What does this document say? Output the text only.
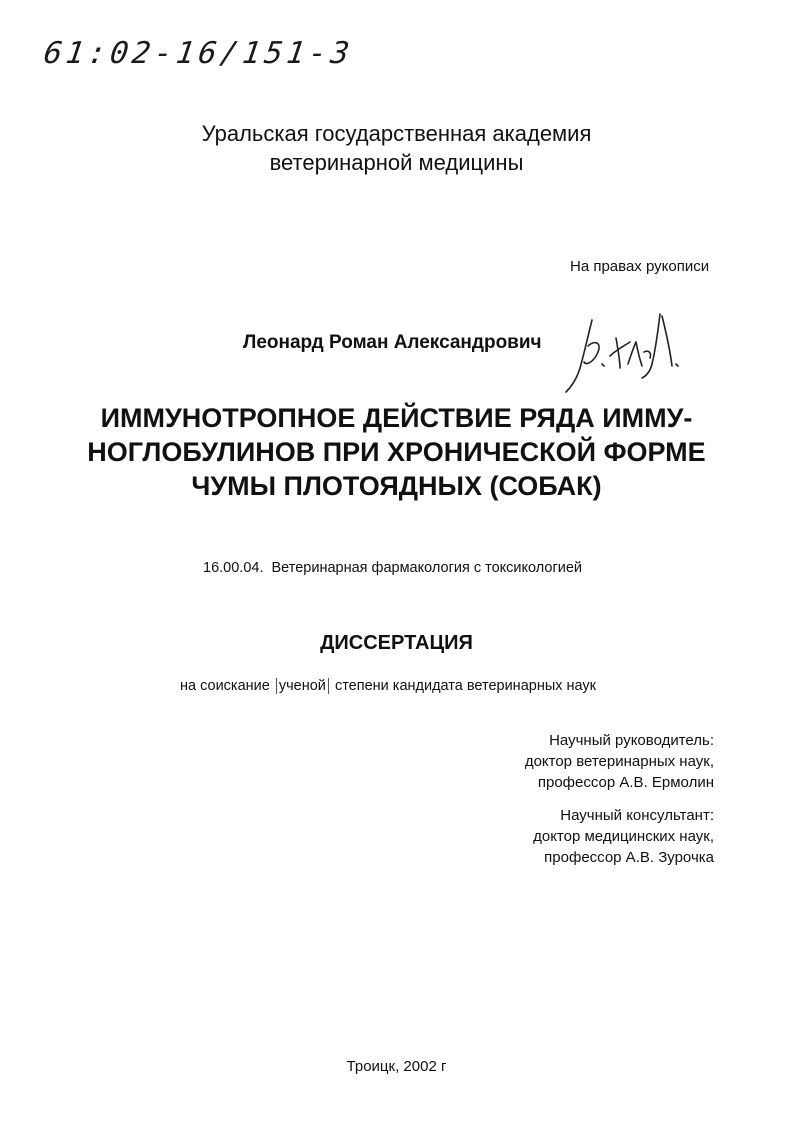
61:02-16/151-3
Уральская государственная академия
ветеринарной медицины
На правах рукописи
Леонард Роман Александрович
ИММУНОТРОПНОЕ ДЕЙСТВИЕ РЯДА ИММУ-
НОГЛОБУЛИНОВ ПРИ ХРОНИЧЕСКОЙ ФОРМЕ
ЧУМЫ ПЛОТОЯДНЫХ (СОБАК)
16.00.04. Ветеринарная фармакология с токсикологией
ДИССЕРТАЦИЯ
на соискание ученой степени кандидата ветеринарных наук
Научный руководитель:
доктор ветеринарных наук,
профессор А.В. Ермолин
Научный консультант:
доктор медицинских наук,
профессор А.В. Зурочка
Троицк, 2002 г
